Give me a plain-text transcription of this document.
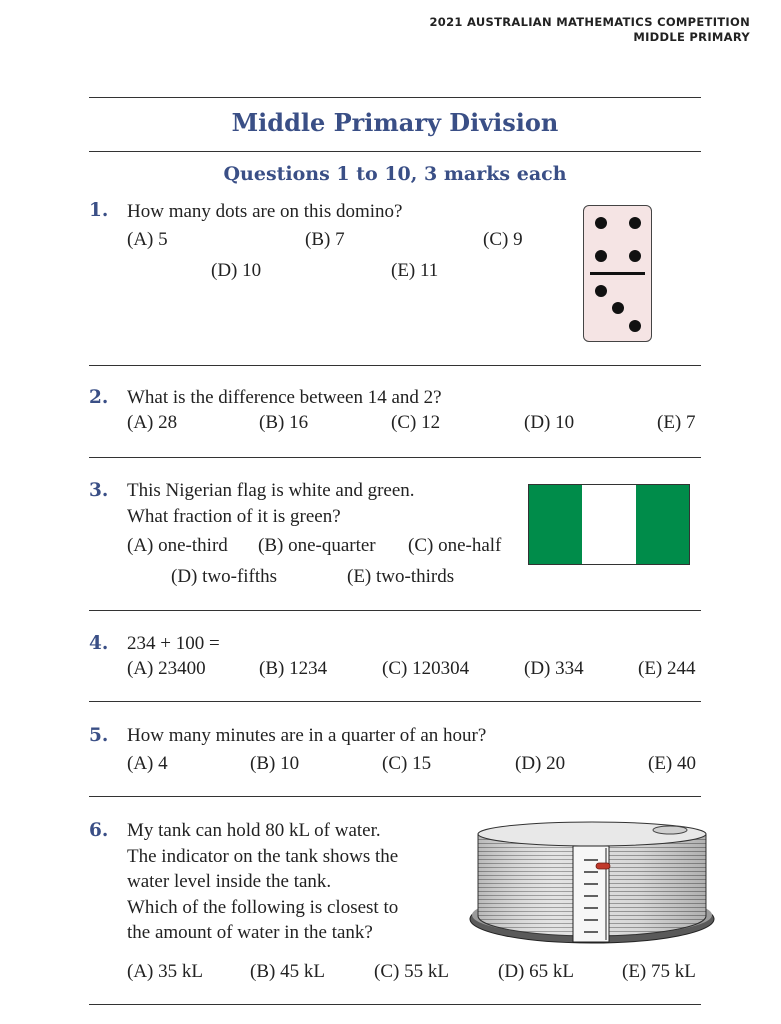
2021 AUSTRALIAN MATHEMATICS COMPETITION
MIDDLE PRIMARY
Middle Primary Division
Questions 1 to 10, 3 marks each
1. How many dots are on this domino?
(A) 5	(B) 7	(C) 9
(D) 10	(E) 11
2. What is the difference between 14 and 2?
(A) 28	(B) 16	(C) 12	(D) 10	(E) 7
3. This Nigerian flag is white and green.
What fraction of it is green?
(A) one-third (B) one-quarter (C) one-half
(D) two-fifths	(E) two-thirds
4. 234 + 100 =
(A) 23400	(B) 1234	(C) 120304	(D) 334	(E) 244
5. How many minutes are in a quarter of an hour?
(A) 4	(B) 10	(C) 15	(D) 20	(E) 40
6. My tank can hold 80 kL of water.
The indicator on the tank shows the
water level inside the tank.
Which of the following is closest to
the amount of water in the tank?
(A) 35 kL (B) 45 kL	(C) 55 kL	(D) 65 kL	(E) 75 kL
